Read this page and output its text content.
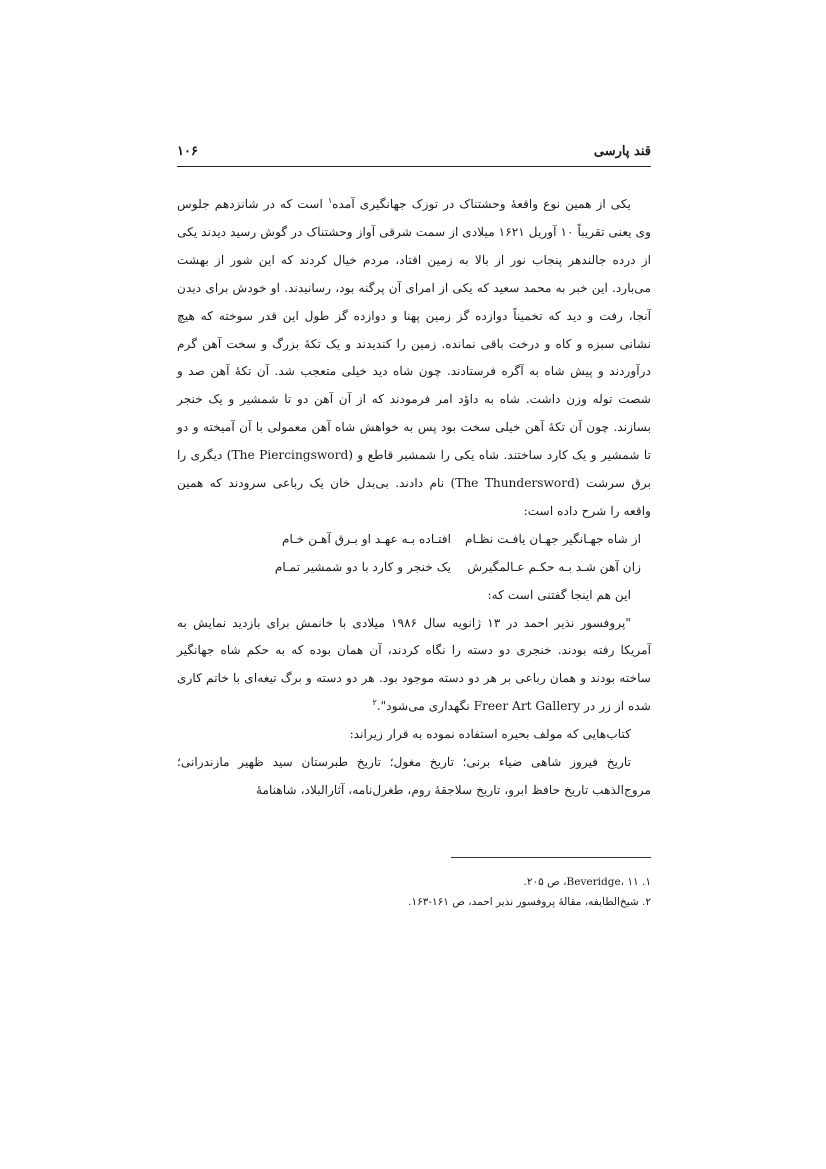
قند پارسی
۱۰۶

یکی از همین نوع واقعهٔ وحشتناک در توزک جهانگیری آمده$^۱$ است که در شانزدهم جلوس وی یعنی تقریباً ۱۰ آوریل ۱۶۲۱ میلادی از سمت شرقی آواز وحشتناک در گوش رسید دیدند یکی از درده جالندهر پنجاب نور از بالا به زمین افتاد، مردم خیال کردند که این شور از بهشت می‌بارد. این خبر به محمد سعید که یکی از امرای آن پرگنه بود، رسانیدند. او خودش برای دیدن آنجا، رفت و دید که تخمیناً دوازده گز زمین پهنا و دوازده گز طول این قدر سوخته که هیچ نشانی سبزه و کاه و درخت باقی نمانده. زمین را کندیدند و یک تکهٔ بزرگ و سخت آهن گرم درآوردند و پیش شاه به آگره فرستادند. چون شاه دید خیلی متعجب شد. آن تکهٔ آهن صد و شصت توله وزن داشت. شاه به داؤد امر فرمودند که از آن آهن دو تا شمشیر و یک خنجر بسازند. چون آن تکهٔ آهن خیلی سخت بود پس به خواهش شاه آهن معمولی با آن آمیخته و دو تا شمشیر و یک کارد ساختند. شاه یکی را شمشیر قاطع و (The Piercingsword) دیگری را برق سرشت (The Thundersword) نام دادند. بی‌بدل خان یک رباعی سرودند که همین واقعه را شرح داده است:

از شاه جهـانگیر جهـان یافـت نظـام
افتـاده بـه عهـد او بـرق آهـن خـام
زان آهن شـد بـه حکـم عـالمگیرش
یک خنجر و کارد با دو شمشیر تمـام

این هم اینجا گفتنی است که:

"پروفسور نذیر احمد در ۱۳ ژانویه سال ۱۹۸۶ میلادی با خانمش برای بازدید نمایش به آمریکا رفته بودند. خنجری دو دسته را نگاه کردند، آن همان بوده که به حکم شاه جهانگیر ساخته بودند و همان رباعی بر هر دو دسته موجود بود. هر دو دسته و برگ تیغه‌ای با خاتم کاری شده از زر در Freer Art Gallery نگهداری می‌شود".$^۲$

کتاب‌هایی که مولف بحیره استفاده نموده به قرار زیراند:

تاریخ فیروز شاهی ضیاء برنی؛ تاریخ مغول؛ تاریخ طبرستان سید ظهیر مازندرانی؛ مروج‌الذهب تاریخ حافظ ابرو، تاریخ سلاجقهٔ روم، طغرل‌نامه، آثارالبلاد، شاهنامهٔ

۱. Beveridge، ۱۱، ص ۲۰۵.

۲. شیخ‌الطایفه، مقالهٔ پروفسور نذیر احمد، ص ۱۶۱-۱۶۳.
